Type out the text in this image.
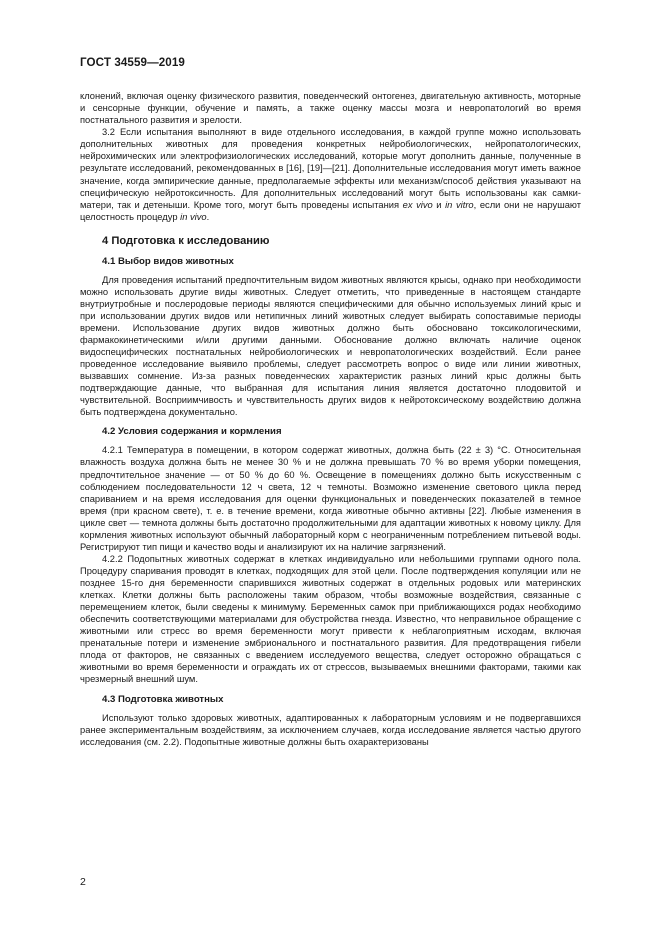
ГОСТ 34559—2019

клонений, включая оценку физического развития, поведенческий онтогенез, двигательную активность, моторные и сенсорные функции, обучение и память, а также оценку массы мозга и невропатологий во время постнатального развития и зрелости.

3.2 Если испытания выполняют в виде отдельного исследования, в каждой группе можно использовать дополнительных животных для проведения конкретных нейробиологических, нейропатологических, нейрохимических или электрофизиологических исследований, которые могут дополнить данные, полученные в результате исследований, рекомендованных в [16], [19]—[21]. Дополнительные исследования могут иметь важное значение, когда эмпирические данные, предполагаемые эффекты или механизм/способ действия указывают на специфическую нейротоксичность. Для дополнительных исследований могут быть использованы как самки-матери, так и детеныши. Кроме того, могут быть проведены испытания ex vivo и in vitro, если они не нарушают целостность процедур in vivo.

4 Подготовка к исследованию
4.1 Выбор видов животных

Для проведения испытаний предпочтительным видом животных являются крысы, однако при необходимости можно использовать другие виды животных. Следует отметить, что приведенные в настоящем стандарте внутриутробные и послеродовые периоды являются специфическими для обычно используемых линий крыс и при использовании других видов или нетипичных линий животных следует выбирать сопоставимые периоды времени. Использование других видов животных должно быть обосновано токсикологическими, фармакокинетическими и/или другими данными. Обоснование должно включать наличие оценок видоспецифических постнатальных нейробиологических и невропатологических воздействий. Если ранее проведенное исследование выявило проблемы, следует рассмотреть вопрос о виде или линии животных, вызвавших сомнение. Из-за разных поведенческих характеристик разных линий крыс должны быть подтверждающие данные, что выбранная для испытания линия является достаточно плодовитой и чувствительной. Восприимчивость и чувствительность других видов к нейротоксическому воздействию должна быть подтверждена документально.

4.2 Условия содержания и кормления

4.2.1 Температура в помещении, в котором содержат животных, должна быть (22 ± 3) °С. Относительная влажность воздуха должна быть не менее 30 % и не должна превышать 70 % во время уборки помещения, предпочтительное значение — от 50 % до 60 %. Освещение в помещениях должно быть искусственным с соблюдением последовательности 12 ч света, 12 ч темноты. Возможно изменение светового цикла перед спариванием и на время исследования для оценки функциональных и поведенческих показателей в темное время (при красном свете), т. е. в течение времени, когда животные обычно активны [22]. Любые изменения в цикле свет — темнота должны быть достаточно продолжительными для адаптации животных к новому циклу. Для кормления животных используют обычный лабораторный корм с неограниченным потреблением питьевой воды. Регистрируют тип пищи и качество воды и анализируют их на наличие загрязнений.

4.2.2 Подопытных животных содержат в клетках индивидуально или небольшими группами одного пола. Процедуру спаривания проводят в клетках, подходящих для этой цели. После подтверждения копуляции или не позднее 15-го дня беременности спарившихся животных содержат в отдельных родовых или материнских клетках. Клетки должны быть расположены таким образом, чтобы возможные воздействия, связанные с перемещением клеток, были сведены к минимуму. Беременных самок при приближающихся родах необходимо обеспечить соответствующими материалами для обустройства гнезда. Известно, что неправильное обращение с животными или стресс во время беременности могут привести к неблагоприятным исходам, включая пренатальные потери и изменение эмбрионального и постнатального развития. Для предотвращения гибели плода от факторов, не связанных с введением исследуемого вещества, следует осторожно обращаться с животными во время беременности и ограждать их от стрессов, вызываемых внешними факторами, такими как чрезмерный внешний шум.

4.3 Подготовка животных

Используют только здоровых животных, адаптированных к лабораторным условиям и не подвергавшихся ранее экспериментальным воздействиям, за исключением случаев, когда исследование является частью другого исследования (см. 2.2). Подопытные животные должны быть охарактеризованы

2
